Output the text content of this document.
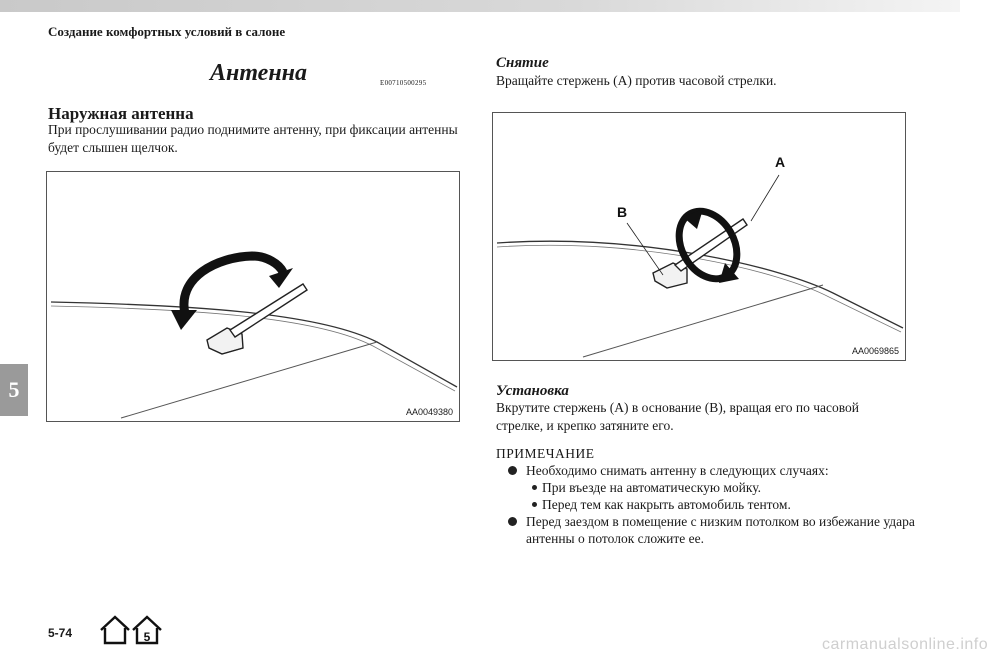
Создание комфортных условий в салоне
5
Антенна	E00710500295
Наружная антенна
При прослушивании радио поднимите антенну, при фиксации антенны будет слышен щелчок.
AA0049380
Снятие
Вращайте стержень (А) против часовой стрелки.
A
B
AA0069865
Установка
Вкрутите стержень (А) в основание (В), вращая его по часовой стрелке, и крепко затяните его.
ПРИМЕЧАНИЕ
Необходимо снимать антенну в следующих случаях:
При въезде на автоматическую мойку.
Перед тем как накрыть автомобиль тентом.
Перед заездом в помещение с низким потолком во избежание удара антенны о потолок сложите ее.
5-74	5	carmanualsonline.info
